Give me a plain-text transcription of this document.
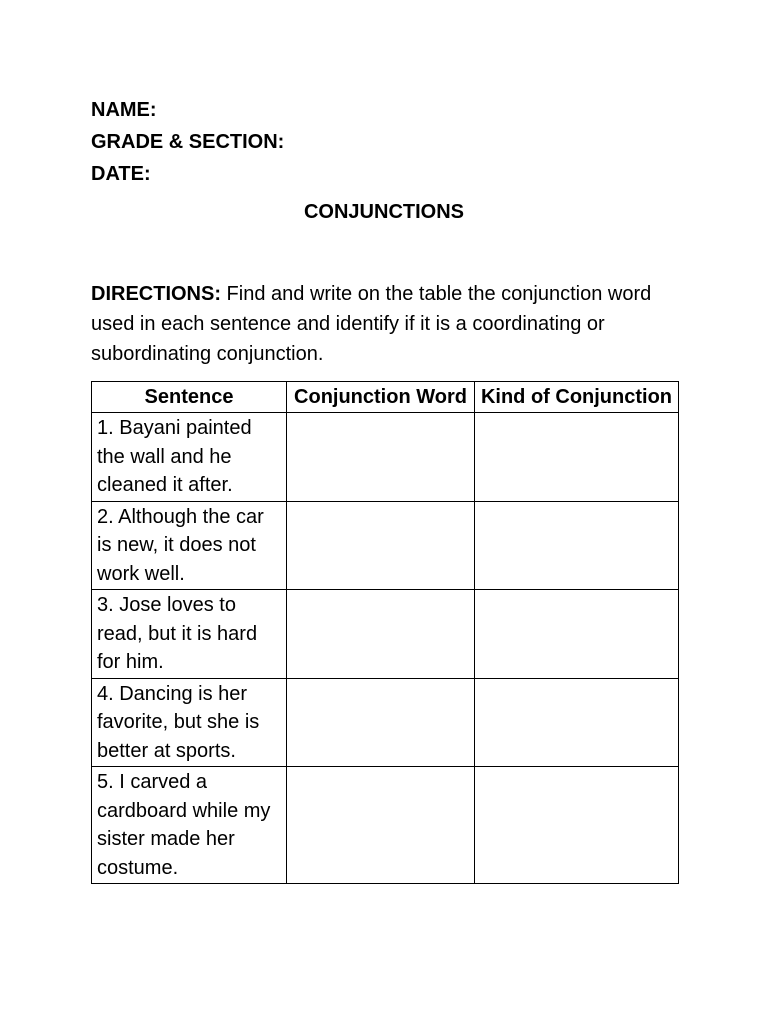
NAME:
GRADE & SECTION:
DATE:
CONJUNCTIONS
DIRECTIONS: Find and write on the table the conjunction word used in each sentence and identify if it is a coordinating or subordinating conjunction.
Sentence	Conjunction Word	Kind of Conjunction
1. Bayani painted the wall and he cleaned it after.		
2. Although the car is new, it does not work well.		
3. Jose loves to read, but it is hard for him.		
4. Dancing is her favorite, but she is better at sports.		
5. I carved a cardboard while my sister made her costume.		
